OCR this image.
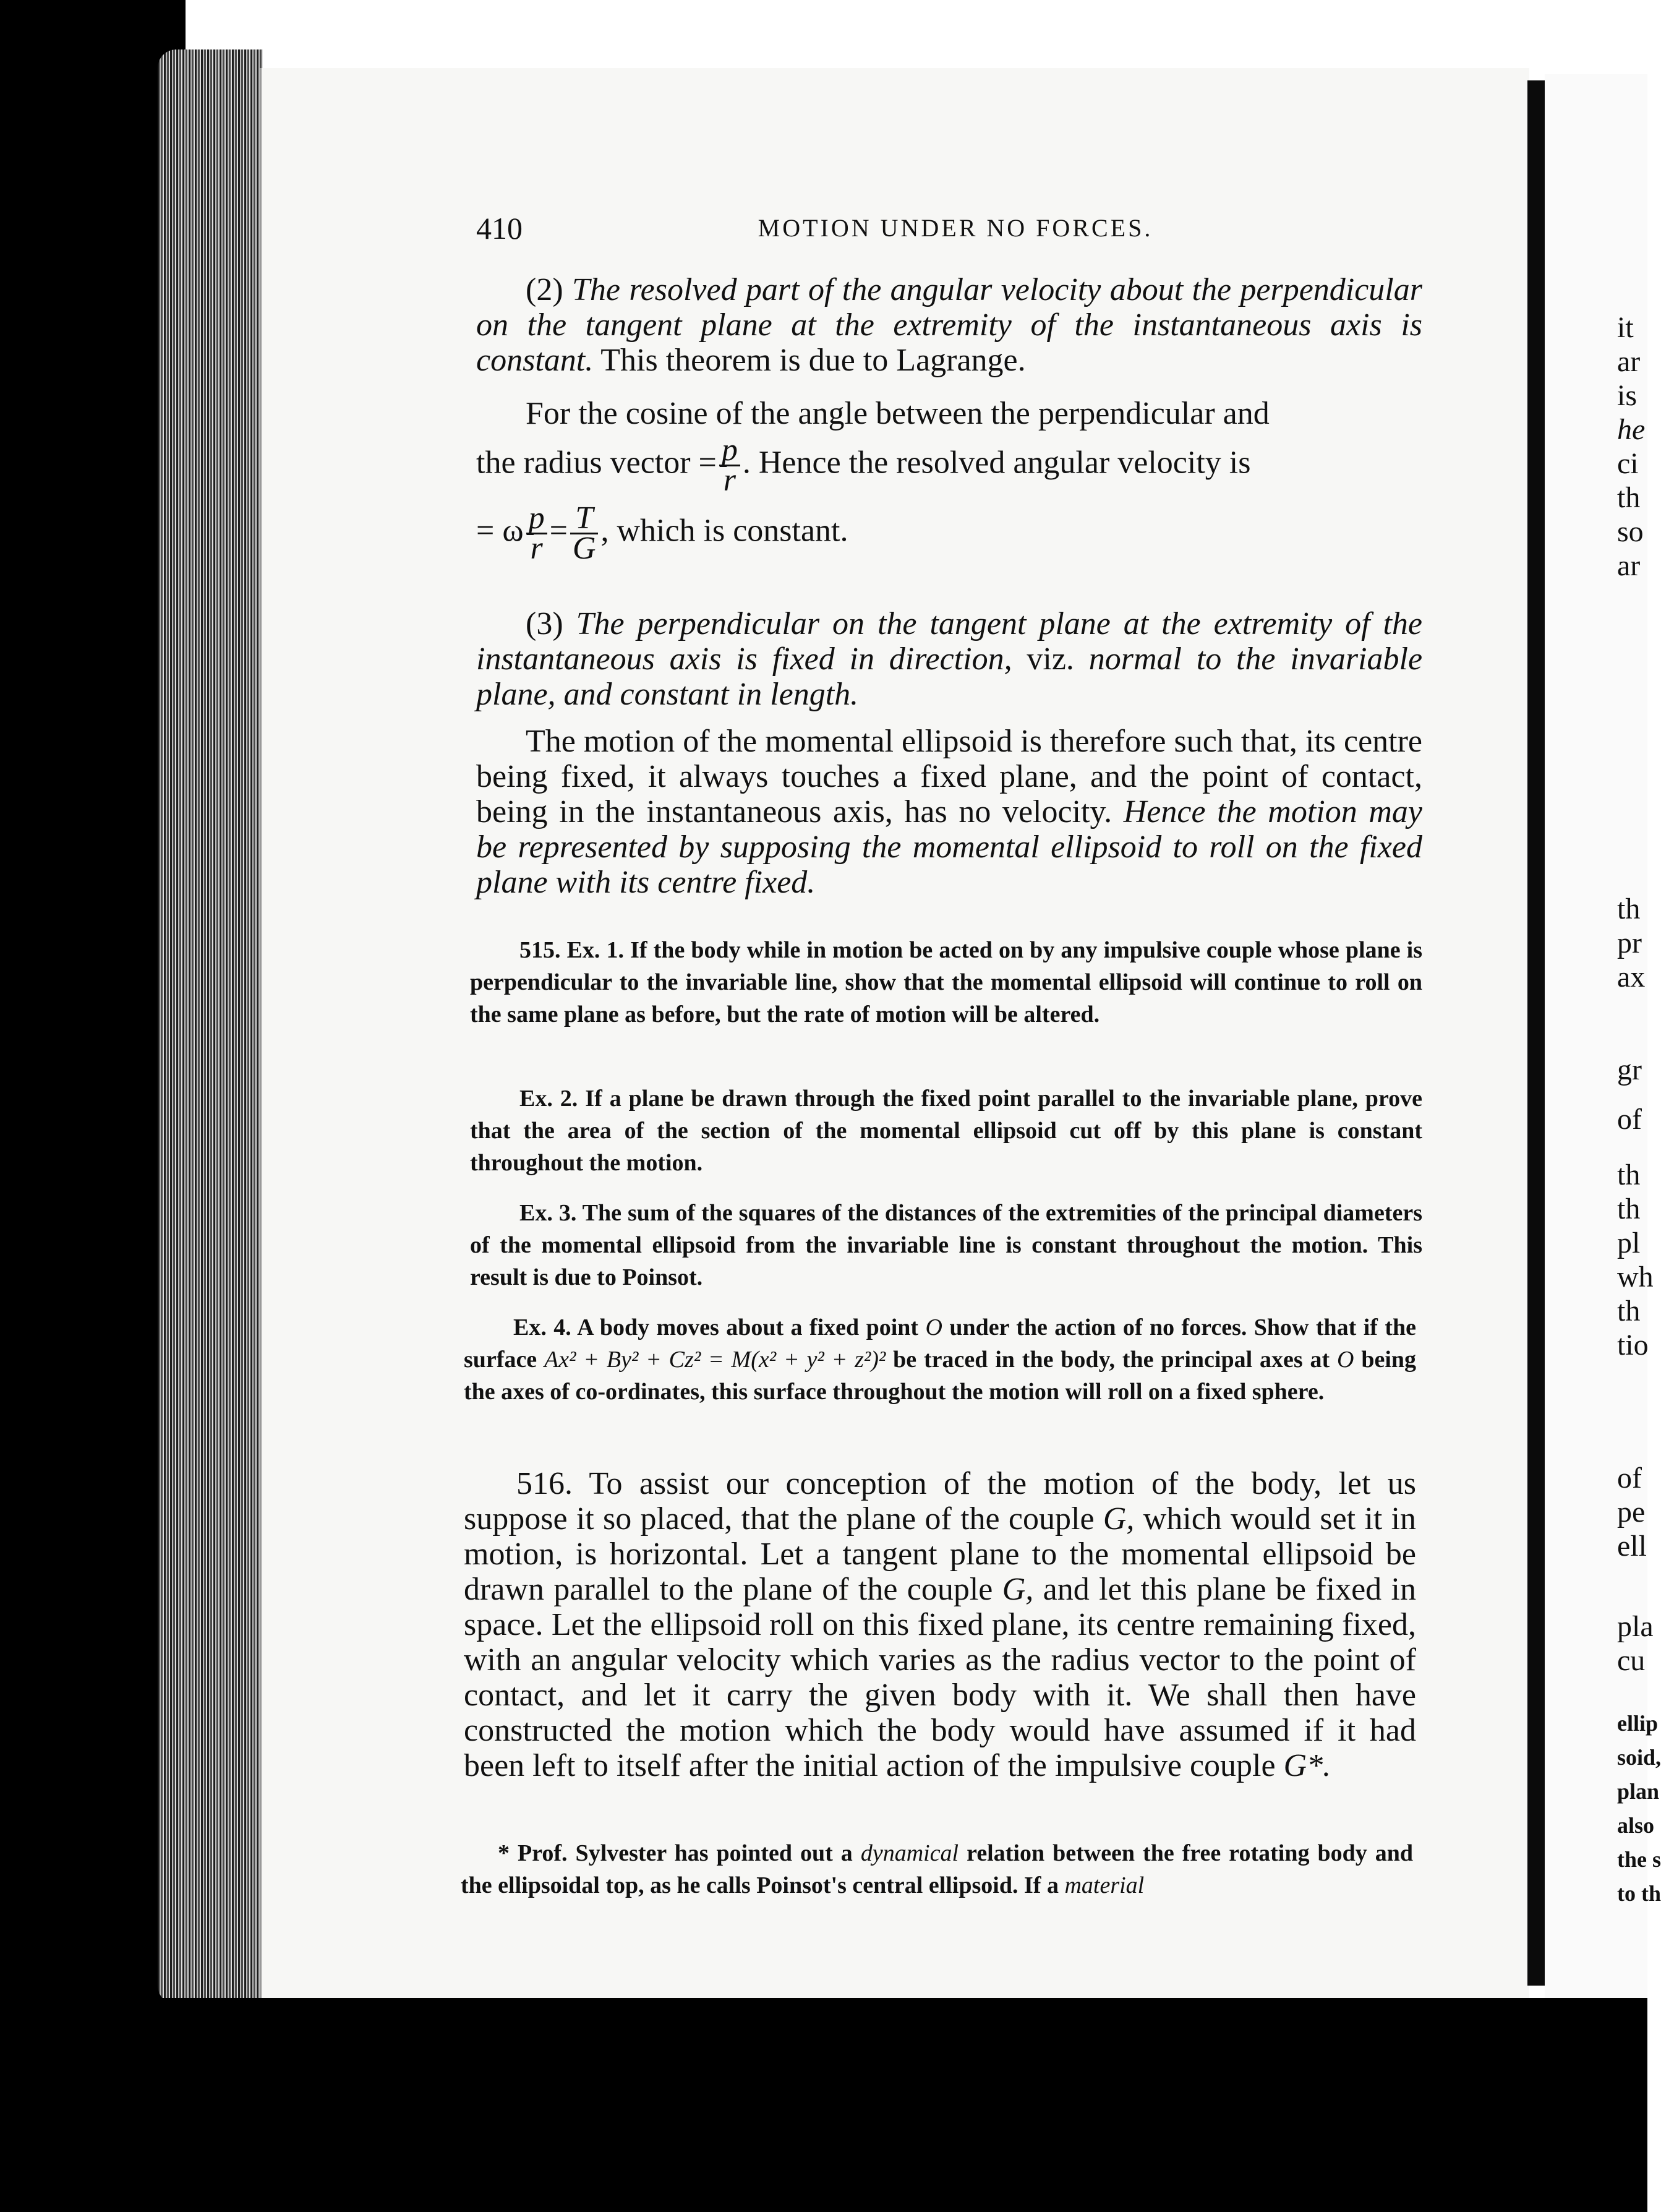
410	MOTION UNDER NO FORCES.
(2) The resolved part of the angular velocity about the perpendicular on the tangent plane at the extremity of the instantaneous axis is constant. This theorem is due to Lagrange.
For the cosine of the angle between the perpendicular and
the radius vector = $\frac{p}{r}$ . Hence the resolved angular velocity is
= ω $\frac{p}{r} = \frac{T}{G}$ , which is constant.
(3) The perpendicular on the tangent plane at the extremity of the instantaneous axis is fixed in direction, viz. normal to the invariable plane, and constant in length.
The motion of the momental ellipsoid is therefore such that, its centre being fixed, it always touches a fixed plane, and the point of contact, being in the instantaneous axis, has no velocity. Hence the motion may be represented by supposing the momental ellipsoid to roll on the fixed plane with its centre fixed.
515. Ex. 1. If the body while in motion be acted on by any impulsive couple whose plane is perpendicular to the invariable line, show that the momental ellipsoid will continue to roll on the same plane as before, but the rate of motion will be altered.
Ex. 2. If a plane be drawn through the fixed point parallel to the invariable plane, prove that the area of the section of the momental ellipsoid cut off by this plane is constant throughout the motion.
Ex. 3. The sum of the squares of the distances of the extremities of the principal diameters of the momental ellipsoid from the invariable line is constant throughout the motion. This result is due to Poinsot.
Ex. 4. A body moves about a fixed point O under the action of no forces. Show that if the surface Ax² + By² + Cz² = M(x² + y² + z²)² be traced in the body, the principal axes at O being the axes of co-ordinates, this surface throughout the motion will roll on a fixed sphere.
516. To assist our conception of the motion of the body, let us suppose it so placed, that the plane of the couple G, which would set it in motion, is horizontal. Let a tangent plane to the momental ellipsoid be drawn parallel to the plane of the couple G, and let this plane be fixed in space. Let the ellipsoid roll on this fixed plane, its centre remaining fixed, with an angular velocity which varies as the radius vector to the point of contact, and let it carry the given body with it. We shall then have constructed the motion which the body would have assumed if it had been left to itself after the initial action of the impulsive couple G*.
* Prof. Sylvester has pointed out a dynamical relation between the free rotating body and the ellipsoidal top, as he calls Poinsot's central ellipsoid. If a material
it
ar
is
he
ci
th
so
ar
th
pr
ax
gr
of
th
th
pl
wh
th
tio
of
pe
ell
pla
cu
ellip
soid,
plan
also
the s
to th
